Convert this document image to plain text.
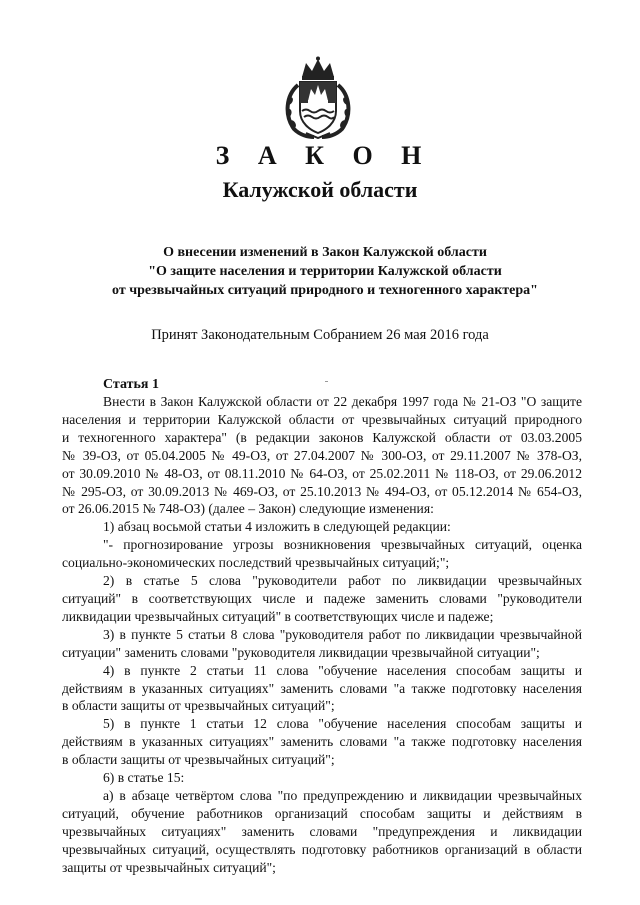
З А К О Н
Калужской области
О внесении изменений в Закон Калужской области
"О защите населения и территории Калужской области
от чрезвычайных ситуаций природного и техногенного характера"
Принят Законодательным Собранием 26 мая 2016 года
Статья 1
Внести в Закон Калужской области от 22 декабря 1997 года № 21-ОЗ "О защите
населения и территории Калужской области от чрезвычайных ситуаций природного
и техногенного характера" (в редакции законов Калужской области от 03.03.2005
№ 39-ОЗ, от 05.04.2005 № 49-ОЗ, от 27.04.2007 № 300-ОЗ, от 29.11.2007 № 378-ОЗ,
от 30.09.2010 № 48-ОЗ, от 08.11.2010 № 64-ОЗ, от 25.02.2011 № 118-ОЗ, от 29.06.2012
№ 295-ОЗ, от 30.09.2013 № 469-ОЗ, от 25.10.2013 № 494-ОЗ, от 05.12.2014 № 654-ОЗ,
от 26.06.2015 № 748-ОЗ) (далее – Закон) следующие изменения:
1) абзац восьмой статьи 4 изложить в следующей редакции:
"- прогнозирование угрозы возникновения чрезвычайных ситуаций, оценка
социально-экономических последствий чрезвычайных ситуаций;";
2) в статье 5 слова "руководители работ по ликвидации чрезвычайных
ситуаций" в соответствующих числе и падеже заменить словами "руководители
ликвидации чрезвычайных ситуаций" в соответствующих числе и падеже;
3) в пункте 5 статьи 8 слова "руководителя работ по ликвидации чрезвычайной
ситуации" заменить словами "руководителя ликвидации чрезвычайной ситуации";
4) в пункте 2 статьи 11 слова "обучение населения способам защиты и
действиям в указанных ситуациях" заменить словами "а также подготовку населения
в области защиты от чрезвычайных ситуаций";
5) в пункте 1 статьи 12 слова "обучение населения способам защиты и
действиям в указанных ситуациях" заменить словами "а также подготовку населения
в области защиты от чрезвычайных ситуаций";
6) в статье 15:
а) в абзаце четвёртом слова "по предупреждению и ликвидации чрезвычайных
ситуаций, обучение работников организаций способам защиты и действиям в
чрезвычайных ситуациях" заменить словами "предупреждения и ликвидации
чрезвычайных ситуаций, осуществлять подготовку работников организаций в области
защиты от чрезвычайных ситуаций";
